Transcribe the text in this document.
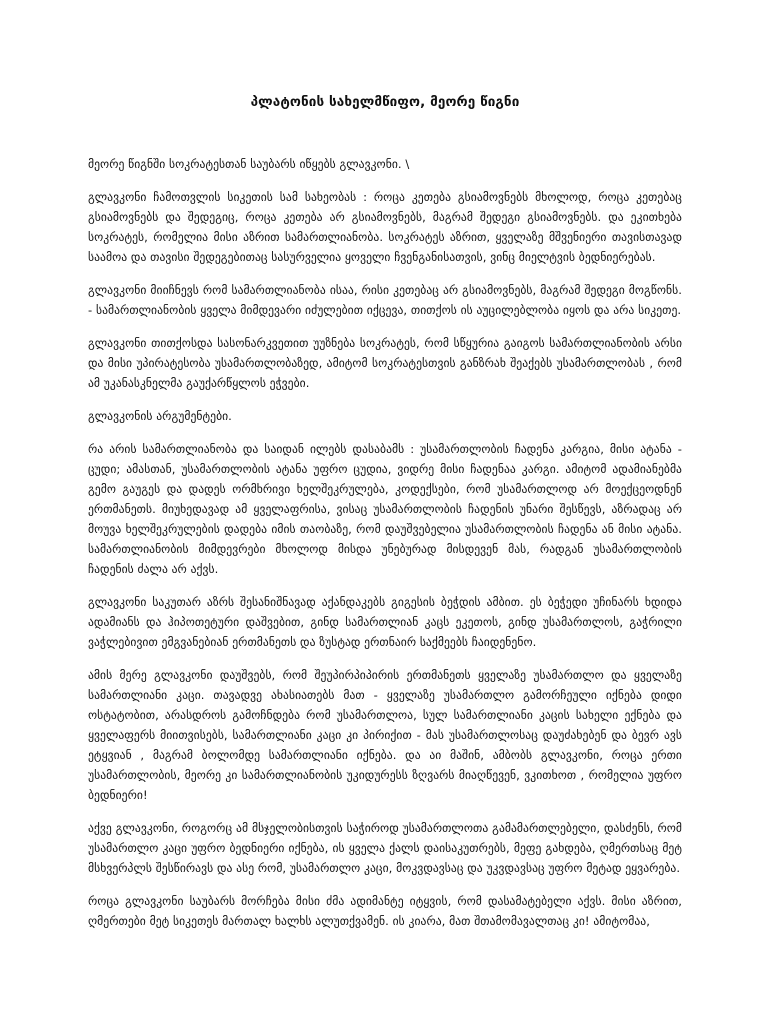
პლატონის სახელმწიფო, მეორე წიგნი

მეორე წიგნში სოკრატესთან საუბარს იწყებს გლავკონი. \

გლავკონი ჩამოთვლის სიკეთის სამ სახეობას : როცა კეთება გსიამოვნებს მხოლოდ, როცა კეთებაც გსიამოვნებს და შედეგიც, როცა კეთება არ გსიამოვნებს, მაგრამ შედეგი გსიამოვნებს. და ეკითხება სოკრატეს, რომელია მისი აზრით სამართლიანობა. სოკრატეს აზრით, ყველაზე მშვენიერი თავისთავად საამოა და თავისი შედეგებითაც სასურველია ყოველი ჩვენგანისათვის, ვინც მიელტვის ბედნიერებას.

გლავკონი მიიჩნევს რომ სამართლიანობა ისაა, რისი კეთებაც არ გსიამოვნებს, მაგრამ შედეგი მოგწონს. - სამართლიანობის ყველა მიმდევარი იძულებით იქცევა, თითქოს ის აუცილებლობა იყოს და არა სიკეთე.

გლავკონი თითქოსდა სასონარკვეთით უუზნება სოკრატეს, რომ სწყურია გაიგოს სამართლიანობის არსი და მისი უპირატესობა უსამართლობაზედ, ამიტომ სოკრატესთვის განზრახ შეაქებს უსამართლობას , რომ ამ უკანასკნელმა გაუქარწყლოს ეჭვები.

გლავკონის არგუმენტები.

რა არის სამართლიანობა და საიდან ილებს დასაბამს : უსამართლობის ჩადენა კარგია, მისი ატანა - ცუდი; ამასთან, უსამართლობის ატანა უფრო ცუდია, ვიდრე მისი ჩადენაა კარგი. ამიტომ ადამიანებმა გემო გაუგეს და დადეს ორმხრივი ხელშეკრულება, კოდექსები, რომ უსამართლოდ არ მოექცეოდნენ ერთმანეთს. მიუხედავად ამ ყველაფრისა, ვისაც უსამართლობის ჩადენის უნარი შესწევს, აზრადაც არ მოუვა ხელშეკრულების დადება იმის თაობაზე, რომ დაუშვებელია უსამართლობის ჩადენა ან მისი ატანა. სამართლიანობის მიმდევრები მხოლოდ მისდა უნებურად მისდევენ მას, რადგან უსამართლობის ჩადენის ძალა არ აქვს.

გლავკონი საკუთარ აზრს შესანიშნავად აქანდაკებს გიგესის ბეჭდის ამბით. ეს ბეჭედი უჩინარს ხდიდა ადამიანს და ჰიპოთეტური დაშვებით, გინდ სამართლიან კაცს ეკეთოს, გინდ უსამართლოს, გაჭრილი ვაჭლებივით ემგვანებიან ერთმანეთს და ზუსტად ერთნაირ საქმეებს ჩაიდენენო.

ამის მერე გლავკონი დაუშვებს, რომ შეუპირპიპირის ერთმანეთს ყველაზე უსამართლო და ყველაზე სამართლიანი კაცი. თავადვე ახასიათებს მათ - ყველაზე უსამართლო გამორჩეული იქნება დიდი ოსტატობით, არასდროს გამოჩნდება რომ უსამართლოა, სულ სამართლიანი კაცის სახელი ექნება და ყველაფერს მიითვისებს, სამართლიანი კაცი კი პირიქით - მას უსამართლოსაც დაუძახებენ და ბევრ ავს ეტყვიან , მაგრამ ბოლომდე სამართლიანი იქნება. და აი მაშინ, ამბობს გლავკონი, როცა ერთი უსამართლობის, მეორე კი სამართლიანობის უკიდურესს ზღვარს მიაღწევენ, ვკითხოთ , რომელია უფრო ბედნიერი!

აქვე გლავკონი, როგორც ამ მსჯელობისთვის საჭიროდ უსამართლოთა გამამართლებელი, დასძენს, რომ უსამართლო კაცი უფრო ბედნიერი იქნება, ის ყველა ქალს დაისაკუთრებს, მეფე გახდება, ღმერთსაც მეტ მსხვერპლს შესწირავს და ასე რომ, უსამართლო კაცი, მოკვდავსაც და უკვდავსაც უფრო მეტად ეყვარება.

როცა გლავკონი საუბარს მორჩება მისი ძმა ადიმანტე იტყვის, რომ დასამატებელი აქვს. მისი აზრით, ღმერთები მეტ სიკეთეს მართალ ხალხს ალუთქვამენ. ის კიარა, მათ შთამომავალთაც კი! ამიტომაა,
